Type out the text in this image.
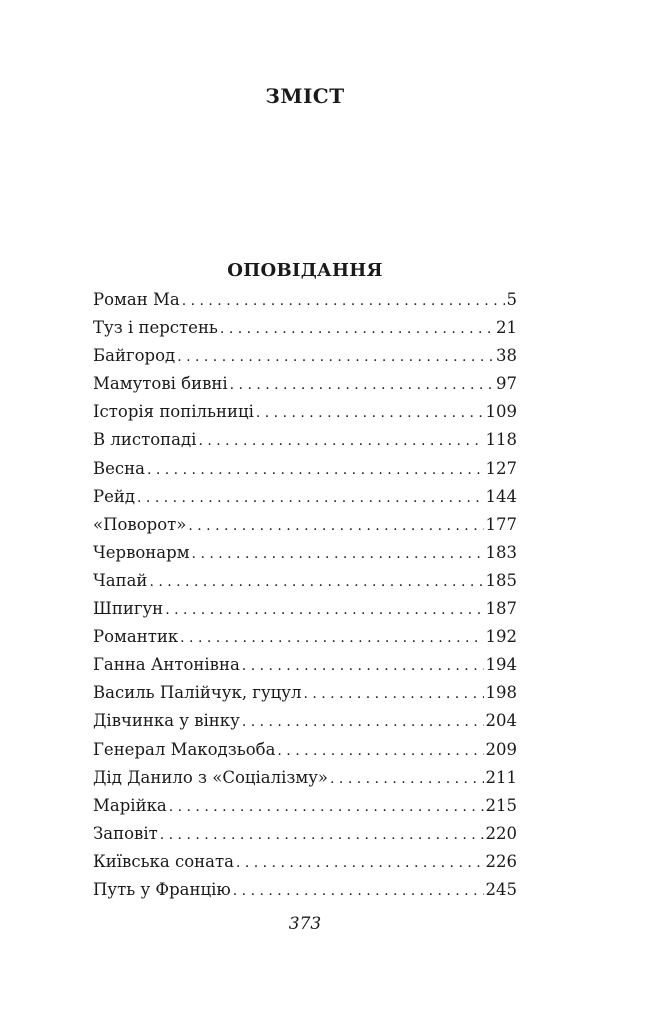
ЗМІСТ
ОПОВІДАННЯ
Роман Ма . . .	5
Туз і перстень . . .	21
Байгород . . .	38
Мамутові бивні . . .	97
Історія попільниці . . .	109
В листопаді . . .	118
Весна . . .	127
Рейд . . .	144
«Поворот» . . .	177
Червонарм . . .	183
Чапай . . .	185
Шпигун . . .	187
Романтик . . .	192
Ганна Антонівна . . .	194
Василь Палійчук, гуцул . . .	198
Дівчинка у вінку . . .	204
Генерал Макодзьоба . . .	209
Дід Данило з «Соціалізму» . . .	211
Марійка . . .	215
Заповіт . . .	220
Київська соната . . .	226
Путь у Францію . . .	245
373
